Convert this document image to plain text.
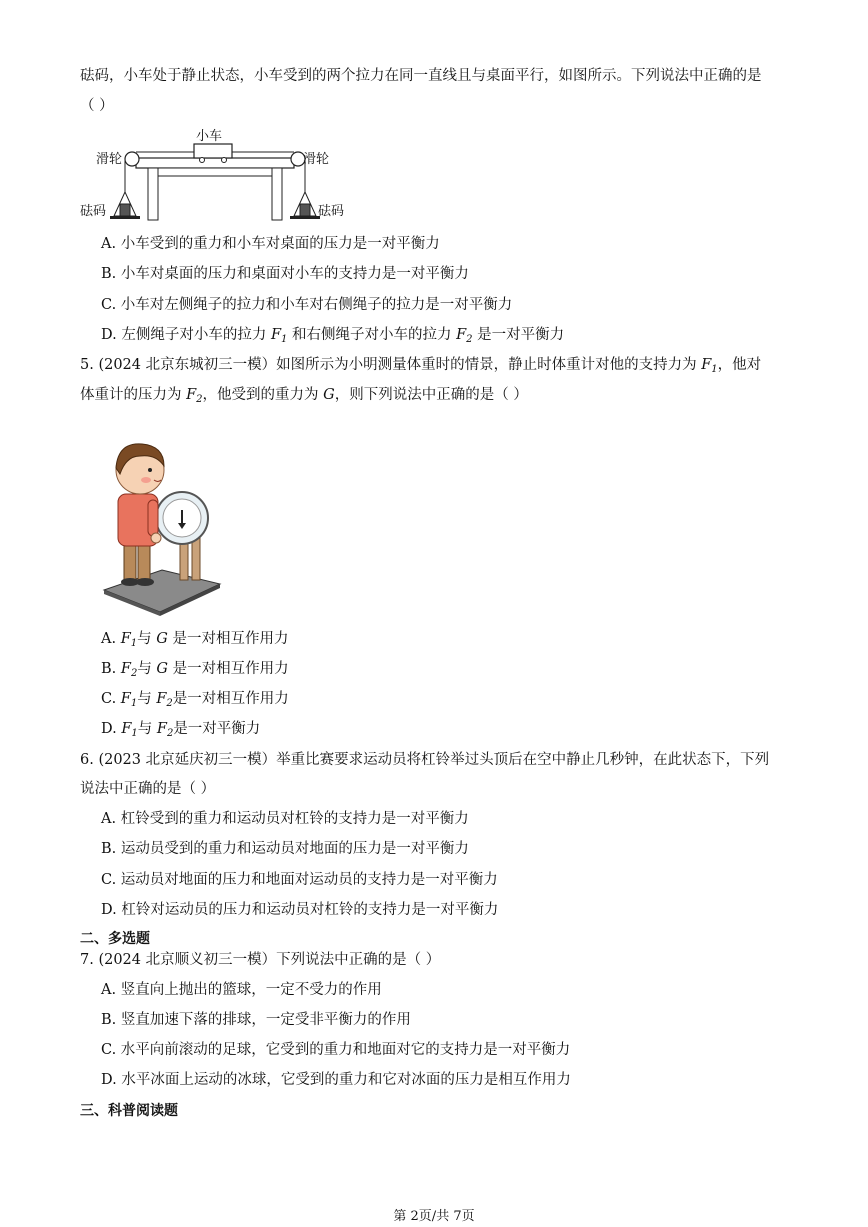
砝码，小车处于静止状态，小车受到的两个拉力在同一直线且与桌面平行，如图所示。下列说法中正确的是
（ ）
小车
滑轮	滑轮
砝码	砝码
A. 小车受到的重力和小车对桌面的压力是一对平衡力
B. 小车对桌面的压力和桌面对小车的支持力是一对平衡力
C. 小车对左侧绳子的拉力和小车对右侧绳子的拉力是一对平衡力
D. 左侧绳子对小车的拉力 $F_1$ 和右侧绳子对小车的拉力 $F_2$ 是一对平衡力
5. (2024 北京东城初三一模）如图所示为小明测量体重时的情景，静止时体重计对他的支持力为 $F_1$，他对
体重计的压力为 $F_2$，他受到的重力为 G，则下列说法中正确的是（ ）
A. $F_1$与 G 是一对相互作用力
B. $F_2$与 G 是一对相互作用力
C. $F_1$与 $F_2$是一对相互作用力
D. $F_1$与 $F_2$是一对平衡力
6. (2023 北京延庆初三一模）举重比赛要求运动员将杠铃举过头顶后在空中静止几秒钟，在此状态下，下列
说法中正确的是（ ）
A. 杠铃受到的重力和运动员对杠铃的支持力是一对平衡力
B. 运动员受到的重力和运动员对地面的压力是一对平衡力
C. 运动员对地面的压力和地面对运动员的支持力是一对平衡力
D. 杠铃对运动员的压力和运动员对杠铃的支持力是一对平衡力
二、多选题
7. (2024 北京顺义初三一模）下列说法中正确的是（ ）
A. 竖直向上抛出的篮球，一定不受力的作用
B. 竖直加速下落的排球，一定受非平衡力的作用
C. 水平向前滚动的足球，它受到的重力和地面对它的支持力是一对平衡力
D. 水平冰面上运动的冰球，它受到的重力和它对冰面的压力是相互作用力
三、科普阅读题
第 2页/共 7页
